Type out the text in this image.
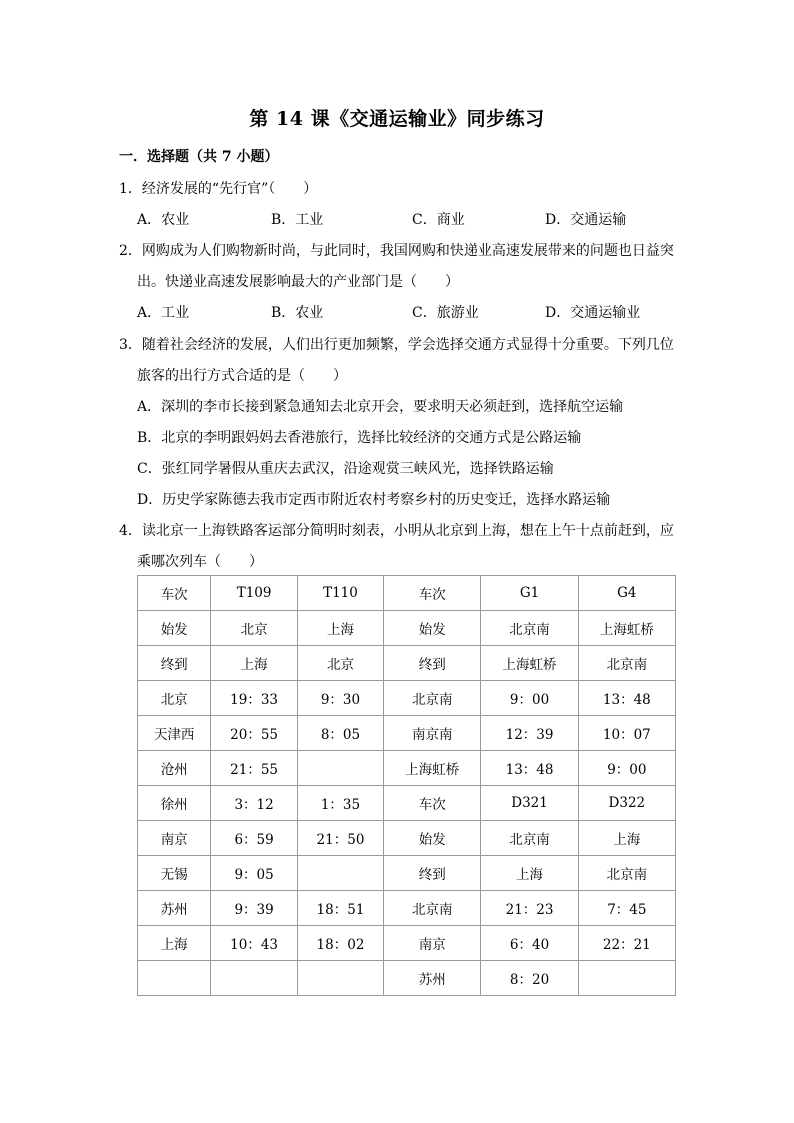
第 14 课《交通运输业》同步练习
一．选择题（共 7 小题）
1．经济发展的“先行官”（　　）
A．农业	B．工业	C．商业	D．交通运输
2．网购成为人们购物新时尚，与此同时，我国网购和快递业高速发展带来的问题也日益突
出。快递业高速发展影响最大的产业部门是（　　）
A．工业	B．农业	C．旅游业	D．交通运输业
3．随着社会经济的发展，人们出行更加频繁，学会选择交通方式显得十分重要。下列几位
旅客的出行方式合适的是（　　）
A．深圳的李市长接到紧急通知去北京开会，要求明天必须赶到，选择航空运输
B．北京的李明跟妈妈去香港旅行，选择比较经济的交通方式是公路运输
C．张红同学暑假从重庆去武汉，沿途观赏三峡风光，选择铁路运输
D．历史学家陈德去我市定西市附近农村考察乡村的历史变迁，选择水路运输
4．读北京一上海铁路客运部分简明时刻表，小明从北京到上海，想在上午十点前赶到，应
乘哪次列车（　　）
车次	T109	T110	车次	G1	G4
始发	北京	上海	始发	北京南	上海虹桥
终到	上海	北京	终到	上海虹桥	北京南
北京	19：33	9：30	北京南	9：00	13：48
天津西	20：55	8：05	南京南	12：39	10：07
沧州	21：55		上海虹桥	13：48	9：00
徐州	3：12	1：35	车次	D321	D322
南京	6：59	21：50	始发	北京南	上海
无锡	9：05		终到	上海	北京南
苏州	9：39	18：51	北京南	21：23	7：45
上海	10：43	18：02	南京	6：40	22：21
			苏州	8：20	
